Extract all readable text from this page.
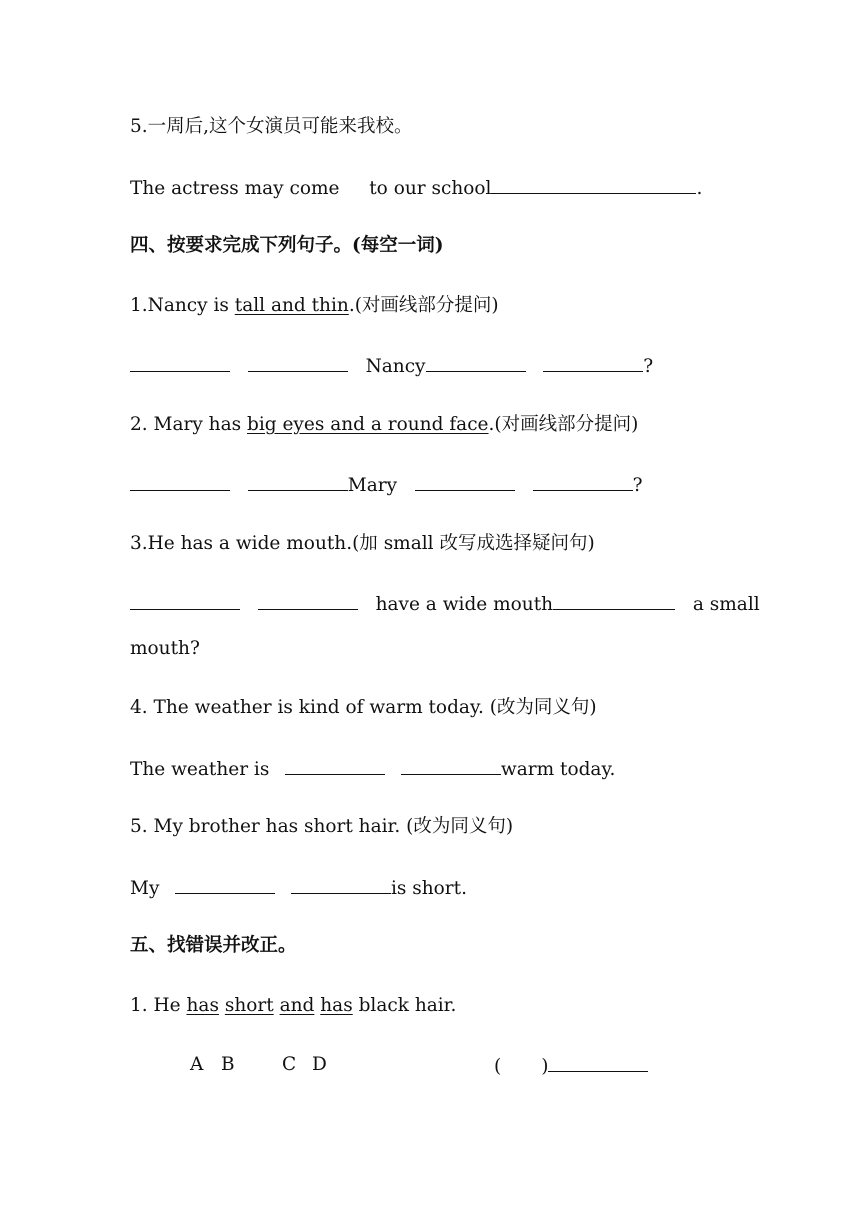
5.一周后,这个女演员可能来我校。
The actress may come to our school	.
四、按要求完成下列句子。(每空一词)
1.Nancy is tall and thin.(对画线部分提问)
Nancy	?
2. Mary has big eyes and a round face.(对画线部分提问)
Mary	?
3.He has a wide mouth.(加 small 改写成选择疑问句)
have a wide mouth	a small
mouth?
4. The weather is kind of warm today. (改为同义句)
The weather is	warm today.
5. My brother has short hair. (改为同义句)
My	is short.
五、找错误并改正。
1. He has short and has black hair.
A B	C D	( )
